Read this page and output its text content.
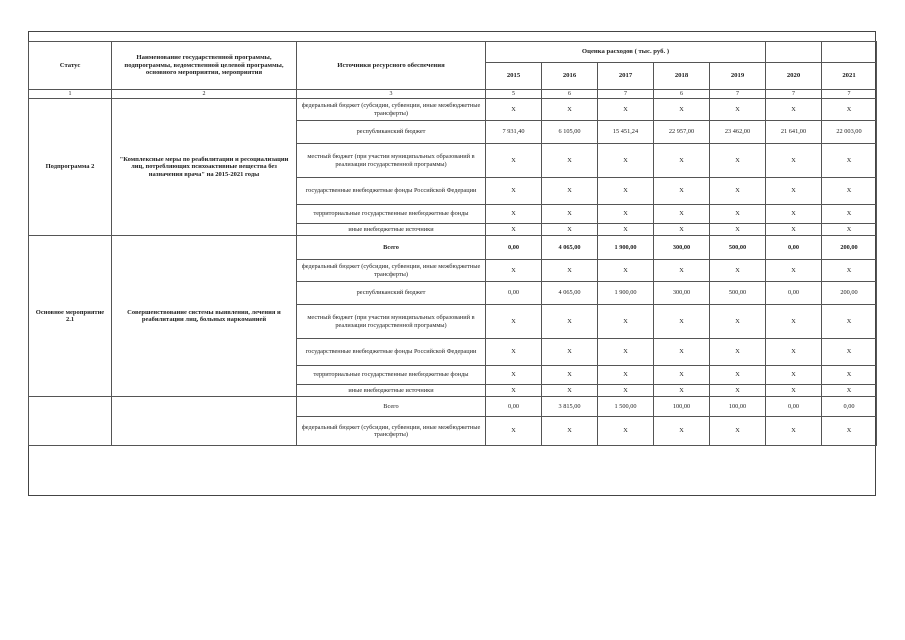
Статус	Наименование государственной программы, подпрограммы, ведомственной целевой программы, основного мероприятия, мероприятия	Источники ресурсного обеспечения	Оценка расходов ( тыс. руб. )						
			2015	2016	2017	2018	2019	2020	2021
1	2	3	5	6	7	6	7	7	7
Подпрограмма 2	"Комплексные меры по реабилитации и ресоциализации лиц, потребляющих психоактивные вещества без назначения врача" на 2015-2021 годы	федеральный бюджет (субсидии, субвенции, иные межбюджетные трансферты)	X	X	X	X	X	X	X
		республиканский бюджет	7 931,40	6 105,00	15 451,24	22 957,00	23 462,00	21 641,00	22 003,00
		местный бюджет (при участии муниципальных образований в реализации государственной программы)	X	X	X	X	X	X	X
		государственные внебюджетные фонды Российской Федерации	X	X	X	X	X	X	X
		территориальные государственные внебюджетные фонды	X	X	X	X	X	X	X
		иные внебюджетные источники	X	X	X	X	X	X	X
Основное мероприятие 2.1	Совершенствование системы выявления, лечения и реабилитации лиц, больных наркоманией	Всего	0,00	4 065,00	1 900,00	300,00	500,00	0,00	200,00
		федеральный бюджет (субсидии, субвенции, иные межбюджетные трансферты)	X	X	X	X	X	X	X
		республиканский бюджет	0,00	4 065,00	1 900,00	300,00	500,00	0,00	200,00
		местный бюджет (при участии муниципальных образований в реализации государственной программы)	X	X	X	X	X	X	X
		государственные внебюджетные фонды Российской Федерации	X	X	X	X	X	X	X
		территориальные государственные внебюджетные фонды	X	X	X	X	X	X	X
		иные внебюджетные источники	X	X	X	X	X	X	X
		Всего	0,00	3 815,00	1 500,00	100,00	100,00	0,00	0,00
		федеральный бюджет (субсидии, субвенции, иные межбюджетные трансферты)	X	X	X	X	X	X	X
